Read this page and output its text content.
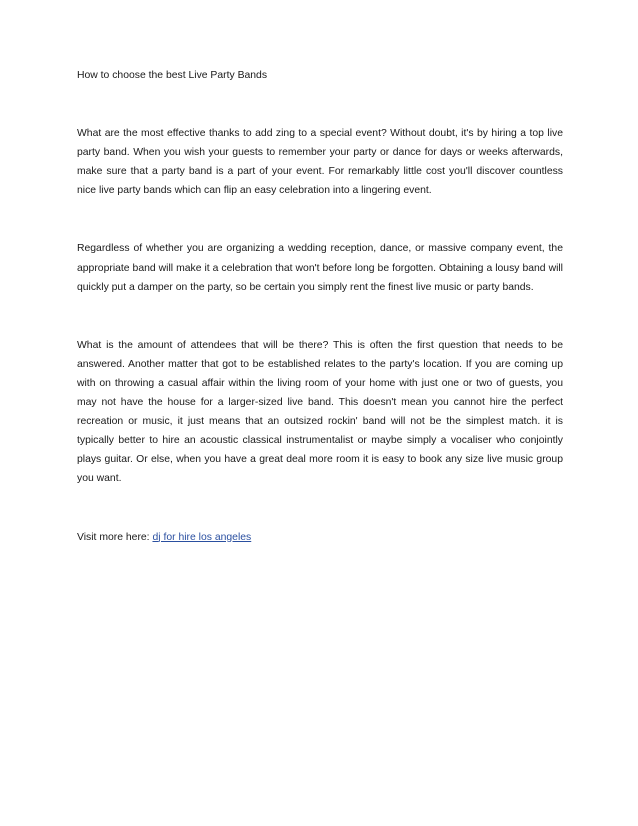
How to choose the best Live Party Bands

What are the most effective thanks to add zing to a special event? Without doubt, it's by hiring a top live party band. When you wish your guests to remember your party or dance for days or weeks afterwards, make sure that a party band is a part of your event. For remarkably little cost you'll discover countless nice live party bands which can flip an easy celebration into a lingering event.

Regardless of whether you are organizing a wedding reception, dance, or massive company event, the appropriate band will make it a celebration that won't before long be forgotten. Obtaining a lousy band will quickly put a damper on the party, so be certain you simply rent the finest live music or party bands.

What is the amount of attendees that will be there? This is often the first question that needs to be answered. Another matter that got to be established relates to the party's location. If you are coming up with on throwing a casual affair within the living room of your home with just one or two of guests, you may not have the house for a larger-sized live band. This doesn't mean you cannot hire the perfect recreation or music, it just means that an outsized rockin' band will not be the simplest match. it is typically better to hire an acoustic classical instrumentalist or maybe simply a vocaliser who conjointly plays guitar. Or else, when you have a great deal more room it is easy to book any size live music group you want.

Visit more here: dj for hire los angeles
